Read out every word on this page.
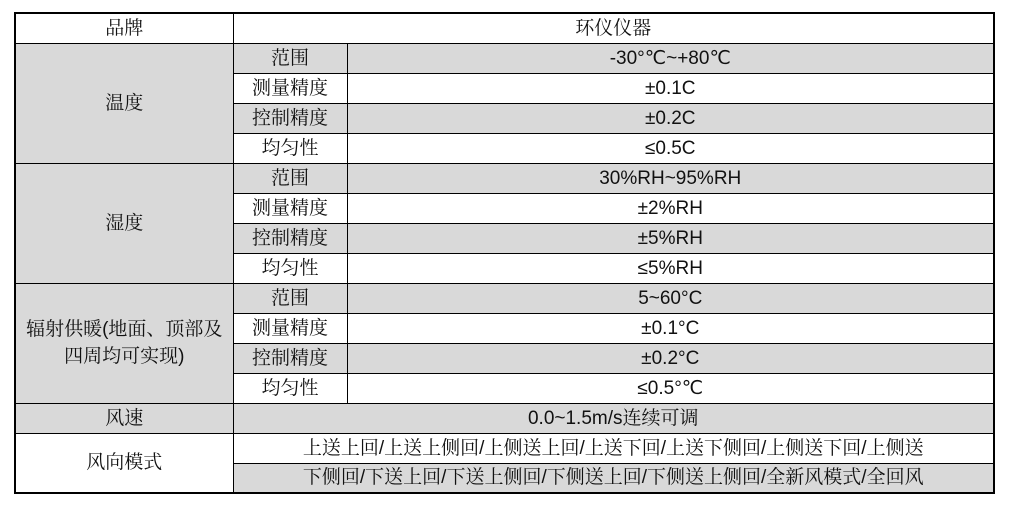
品牌	环仪仪器	
温度	范围	-30°℃~+80℃
	测量精度	±0.1C
	控制精度	±0.2C
	均匀性	≤0.5C
湿度	范围	30%RH~95%RH
	测量精度	±2%RH
	控制精度	±5%RH
	均匀性	≤5%RH
辐射供暖(地面、顶部及四周均可实现)	范围	5~60°C
	测量精度	±0.1°C
	控制精度	±0.2°C
	均匀性	≤0.5°℃
风速	0.0~1.5m/s连续可调	
风向模式	上送上回/上送上侧回/上侧送上回/上送下回/上送下侧回/上侧送下回/上侧送	
	下侧回/下送上回/下送上侧回/下侧送上回/下侧送上侧回/全新风模式/全回风	
